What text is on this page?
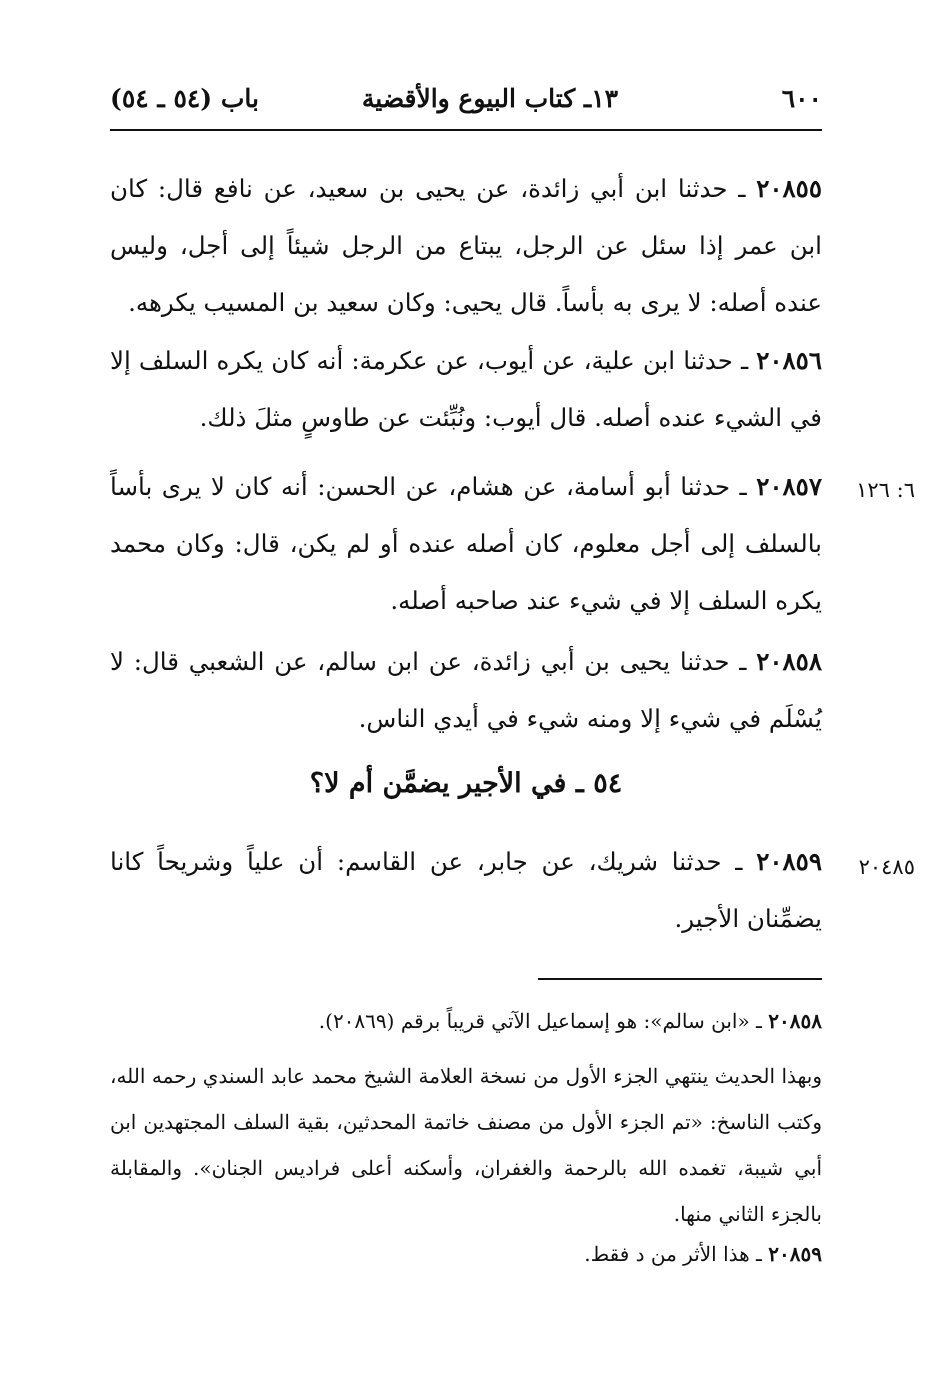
٦٠٠
١٣ـ كتاب البيوع والأقضية
باب (٥٤ ـ ٥٤)

٢٠٨٥٥ ـ حدثنا ابن أبي زائدة، عن يحيى بن سعيد، عن نافع قال: كان ابن عمر إذا سئل عن الرجل، يبتاع من الرجل شيئاً إلى أجل، وليس عنده أصله: لا يرى به بأساً. قال يحيى: وكان سعيد بن المسيب يكرهه.

٢٠٨٥٦ ـ حدثنا ابن علية، عن أيوب، عن عكرمة: أنه كان يكره السلف إلا في الشيء عنده أصله. قال أيوب: ونُبِّئت عن طاوسٍ مثلَ ذلك.

٦: ١٢٦

٢٠٨٥٧ ـ حدثنا أبو أسامة، عن هشام، عن الحسن: أنه كان لا يرى بأساً بالسلف إلى أجل معلوم، كان أصله عنده أو لم يكن، قال: وكان محمد يكره السلف إلا في شيء عند صاحبه أصله.

٢٠٨٥٨ ـ حدثنا يحيى بن أبي زائدة، عن ابن سالم، عن الشعبي قال: لا يُسْلَم في شيء إلا ومنه شيء في أيدي الناس.

٥٤ ـ في الأجير يضمَّن أم لا؟
٢٠٤٨٥

٢٠٨٥٩ ـ حدثنا شريك، عن جابر، عن القاسم: أن علياً وشريحاً كانا يضمِّنان الأجير.

٢٠٨٥٨ ـ «ابن سالم»: هو إسماعيل الآتي قريباً برقم (٢٠٨٦٩).

وبهذا الحديث ينتهي الجزء الأول من نسخة العلامة الشيخ محمد عابد السندي رحمه الله، وكتب الناسخ: «تم الجزء الأول من مصنف خاتمة المحدثين، بقية السلف المجتهدين ابن أبي شيبة، تغمده الله بالرحمة والغفران، وأسكنه أعلى فراديس الجنان». والمقابلة بالجزء الثاني منها.

٢٠٨٥٩ ـ هذا الأثر من د فقط.
